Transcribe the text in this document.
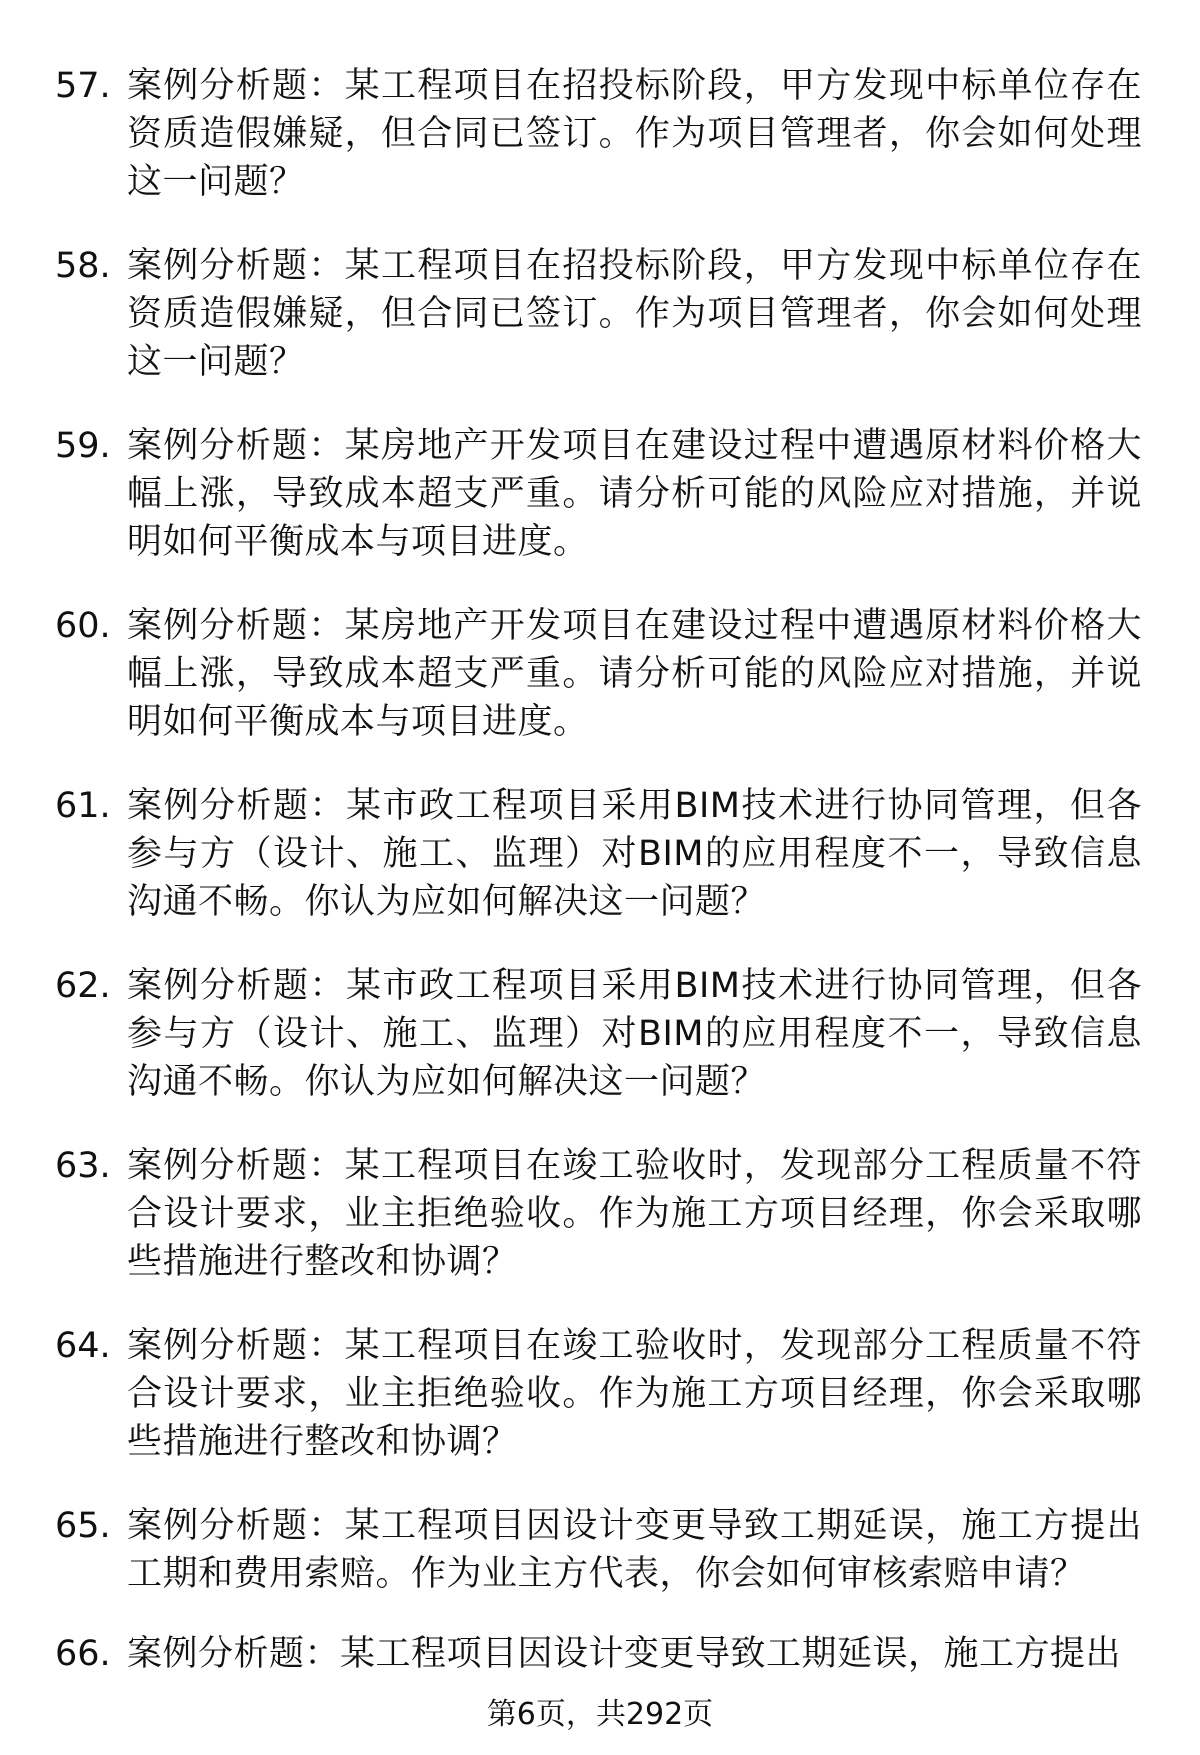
57. 案例分析题：某工程项目在招投标阶段，甲方发现中标单位存在资质造假嫌疑，但合同已签订。作为项目管理者，你会如何处理这一问题？
58. 案例分析题：某工程项目在招投标阶段，甲方发现中标单位存在资质造假嫌疑，但合同已签订。作为项目管理者，你会如何处理这一问题？
59. 案例分析题：某房地产开发项目在建设过程中遭遇原材料价格大幅上涨，导致成本超支严重。请分析可能的风险应对措施，并说明如何平衡成本与项目进度。
60. 案例分析题：某房地产开发项目在建设过程中遭遇原材料价格大幅上涨，导致成本超支严重。请分析可能的风险应对措施，并说明如何平衡成本与项目进度。
61. 案例分析题：某市政工程项目采用BIM技术进行协同管理，但各参与方（设计、施工、监理）对BIM的应用程度不一，导致信息沟通不畅。你认为应如何解决这一问题？
62. 案例分析题：某市政工程项目采用BIM技术进行协同管理，但各参与方（设计、施工、监理）对BIM的应用程度不一，导致信息沟通不畅。你认为应如何解决这一问题？
63. 案例分析题：某工程项目在竣工验收时，发现部分工程质量不符合设计要求，业主拒绝验收。作为施工方项目经理，你会采取哪些措施进行整改和协调？
64. 案例分析题：某工程项目在竣工验收时，发现部分工程质量不符合设计要求，业主拒绝验收。作为施工方项目经理，你会采取哪些措施进行整改和协调？
65. 案例分析题：某工程项目因设计变更导致工期延误，施工方提出工期和费用索赔。作为业主方代表，你会如何审核索赔申请？
66. 案例分析题：某工程项目因设计变更导致工期延误，施工方提出
第6页，共292页
